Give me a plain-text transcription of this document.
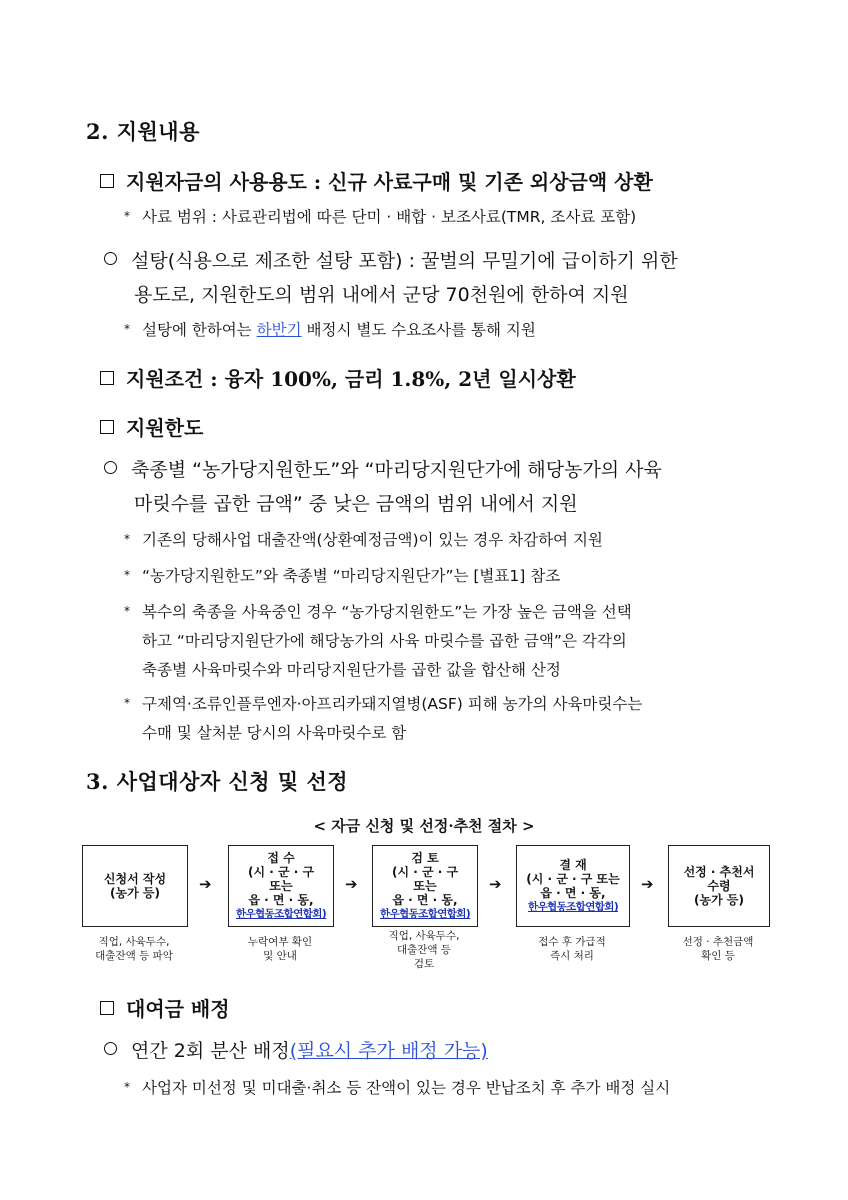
2. 지원내용
지원자금의 사용용도 : 신규 사료구매 및 기존 외상금액 상환
* 사료 범위 : 사료관리법에 따른 단미 · 배합 · 보조사료(TMR, 조사료 포함)
설탕(식용으로 제조한 설탕 포함) : 꿀벌의 무밀기에 급이하기 위한
용도로, 지원한도의 범위 내에서 군당 70천원에 한하여 지원
* 설탕에 한하여는 하반기 배정시 별도 수요조사를 통해 지원
지원조건 : 융자 100%, 금리 1.8%, 2년 일시상환
지원한도
축종별 “농가당지원한도”와 “마리당지원단가에 해당농가의 사육
마릿수를 곱한 금액” 중 낮은 금액의 범위 내에서 지원
* 기존의 당해사업 대출잔액(상환예정금액)이 있는 경우 차감하여 지원
* “농가당지원한도”와 축종별 “마리당지원단가”는 [별표1] 참조
* 복수의 축종을 사육중인 경우 “농가당지원한도”는 가장 높은 금액을 선택
하고 “마리당지원단가에 해당농가의 사육 마릿수를 곱한 금액”은 각각의
축종별 사육마릿수와 마리당지원단가를 곱한 값을 합산해 산정
* 구제역·조류인플루엔자·아프리카돼지열병(ASF) 피해 농가의 사육마릿수는
수매 및 살처분 당시의 사육마릿수로 함
3. 사업대상자 신청 및 선정
< 자금 신청 및 선정·추천 절차 >
신청서 작성
(농가 등)	➔
접 수
(시 · 군 · 구
또는
읍 · 면 · 동,
한우협동조합연합회)
➔
검 토
(시 · 군 · 구
또는
읍 · 면 · 동,
한우협동조합연합회)
➔
결 재
(시 · 군 · 구 또는
읍 · 면 · 동,
한우협동조합연합회)
➔
선정 · 추천서
수령
(농가 등)
직업, 사육두수,
대출잔액 등 파악
누락여부 확인
및 안내
직업, 사육두수,
대출잔액 등
검토
접수 후 가급적
즉시 처리
선정 · 추천금액
확인 등
대여금 배정
연간 2회 분산 배정(필요시 추가 배정 가능)
* 사업자 미선정 및 미대출·취소 등 잔액이 있는 경우 반납조치 후 추가 배정 실시
